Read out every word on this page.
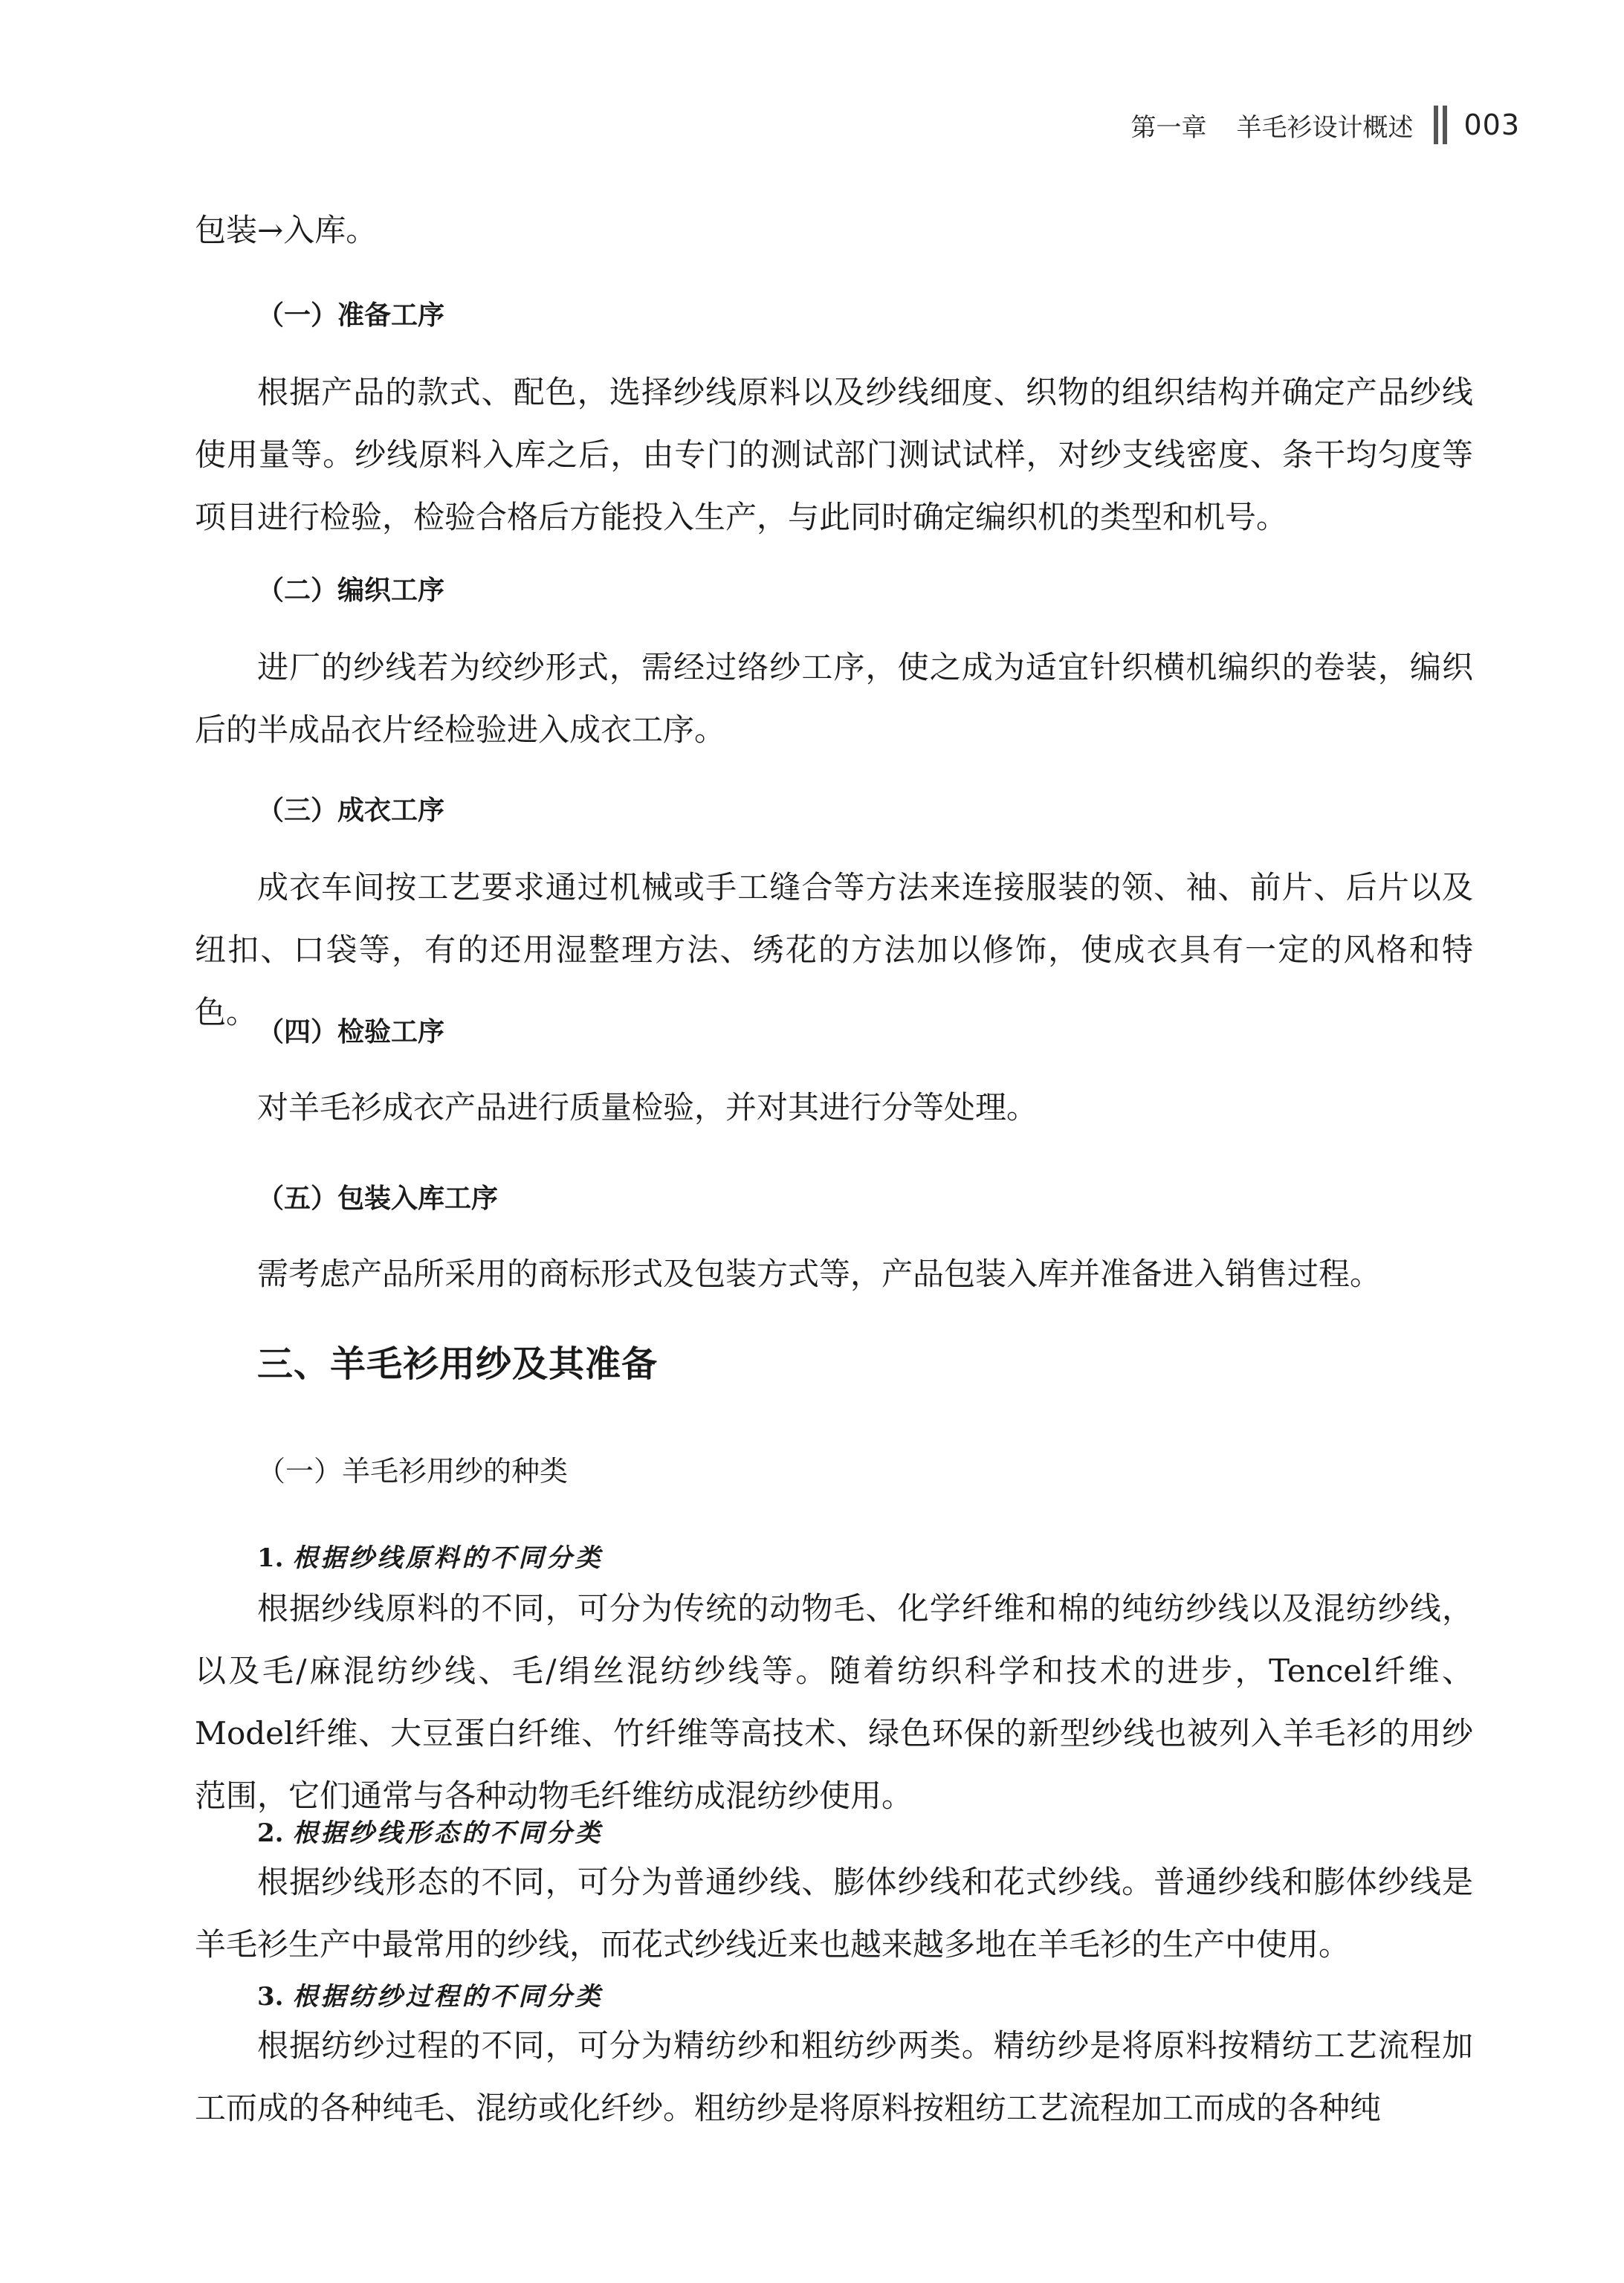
第一章 羊毛衫设计概述 003

包装→入库。

（一）准备工序

根据产品的款式、配色，选择纱线原料以及纱线细度、织物的组织结构并确定产品纱线使用量等。纱线原料入库之后，由专门的测试部门测试试样，对纱支线密度、条干均匀度等项目进行检验，检验合格后方能投入生产，与此同时确定编织机的类型和机号。

（二）编织工序

进厂的纱线若为绞纱形式，需经过络纱工序，使之成为适宜针织横机编织的卷装，编织后的半成品衣片经检验进入成衣工序。

（三）成衣工序

成衣车间按工艺要求通过机械或手工缝合等方法来连接服装的领、袖、前片、后片以及纽扣、口袋等，有的还用湿整理方法、绣花的方法加以修饰，使成衣具有一定的风格和特色。

（四）检验工序

对羊毛衫成衣产品进行质量检验，并对其进行分等处理。

（五）包装入库工序

需考虑产品所采用的商标形式及包装方式等，产品包装入库并准备进入销售过程。

三、羊毛衫用纱及其准备
（一）羊毛衫用纱的种类
1. 根据纱线原料的不同分类

根据纱线原料的不同，可分为传统的动物毛、化学纤维和棉的纯纺纱线以及混纺纱线，以及毛/麻混纺纱线、毛/绢丝混纺纱线等。随着纺织科学和技术的进步，Tencel纤维、Model纤维、大豆蛋白纤维、竹纤维等高技术、绿色环保的新型纱线也被列入羊毛衫的用纱范围，它们通常与各种动物毛纤维纺成混纺纱使用。

2. 根据纱线形态的不同分类

根据纱线形态的不同，可分为普通纱线、膨体纱线和花式纱线。普通纱线和膨体纱线是羊毛衫生产中最常用的纱线，而花式纱线近来也越来越多地在羊毛衫的生产中使用。

3. 根据纺纱过程的不同分类

根据纺纱过程的不同，可分为精纺纱和粗纺纱两类。精纺纱是将原料按精纺工艺流程加工而成的各种纯毛、混纺或化纤纱。粗纺纱是将原料按粗纺工艺流程加工而成的各种纯
